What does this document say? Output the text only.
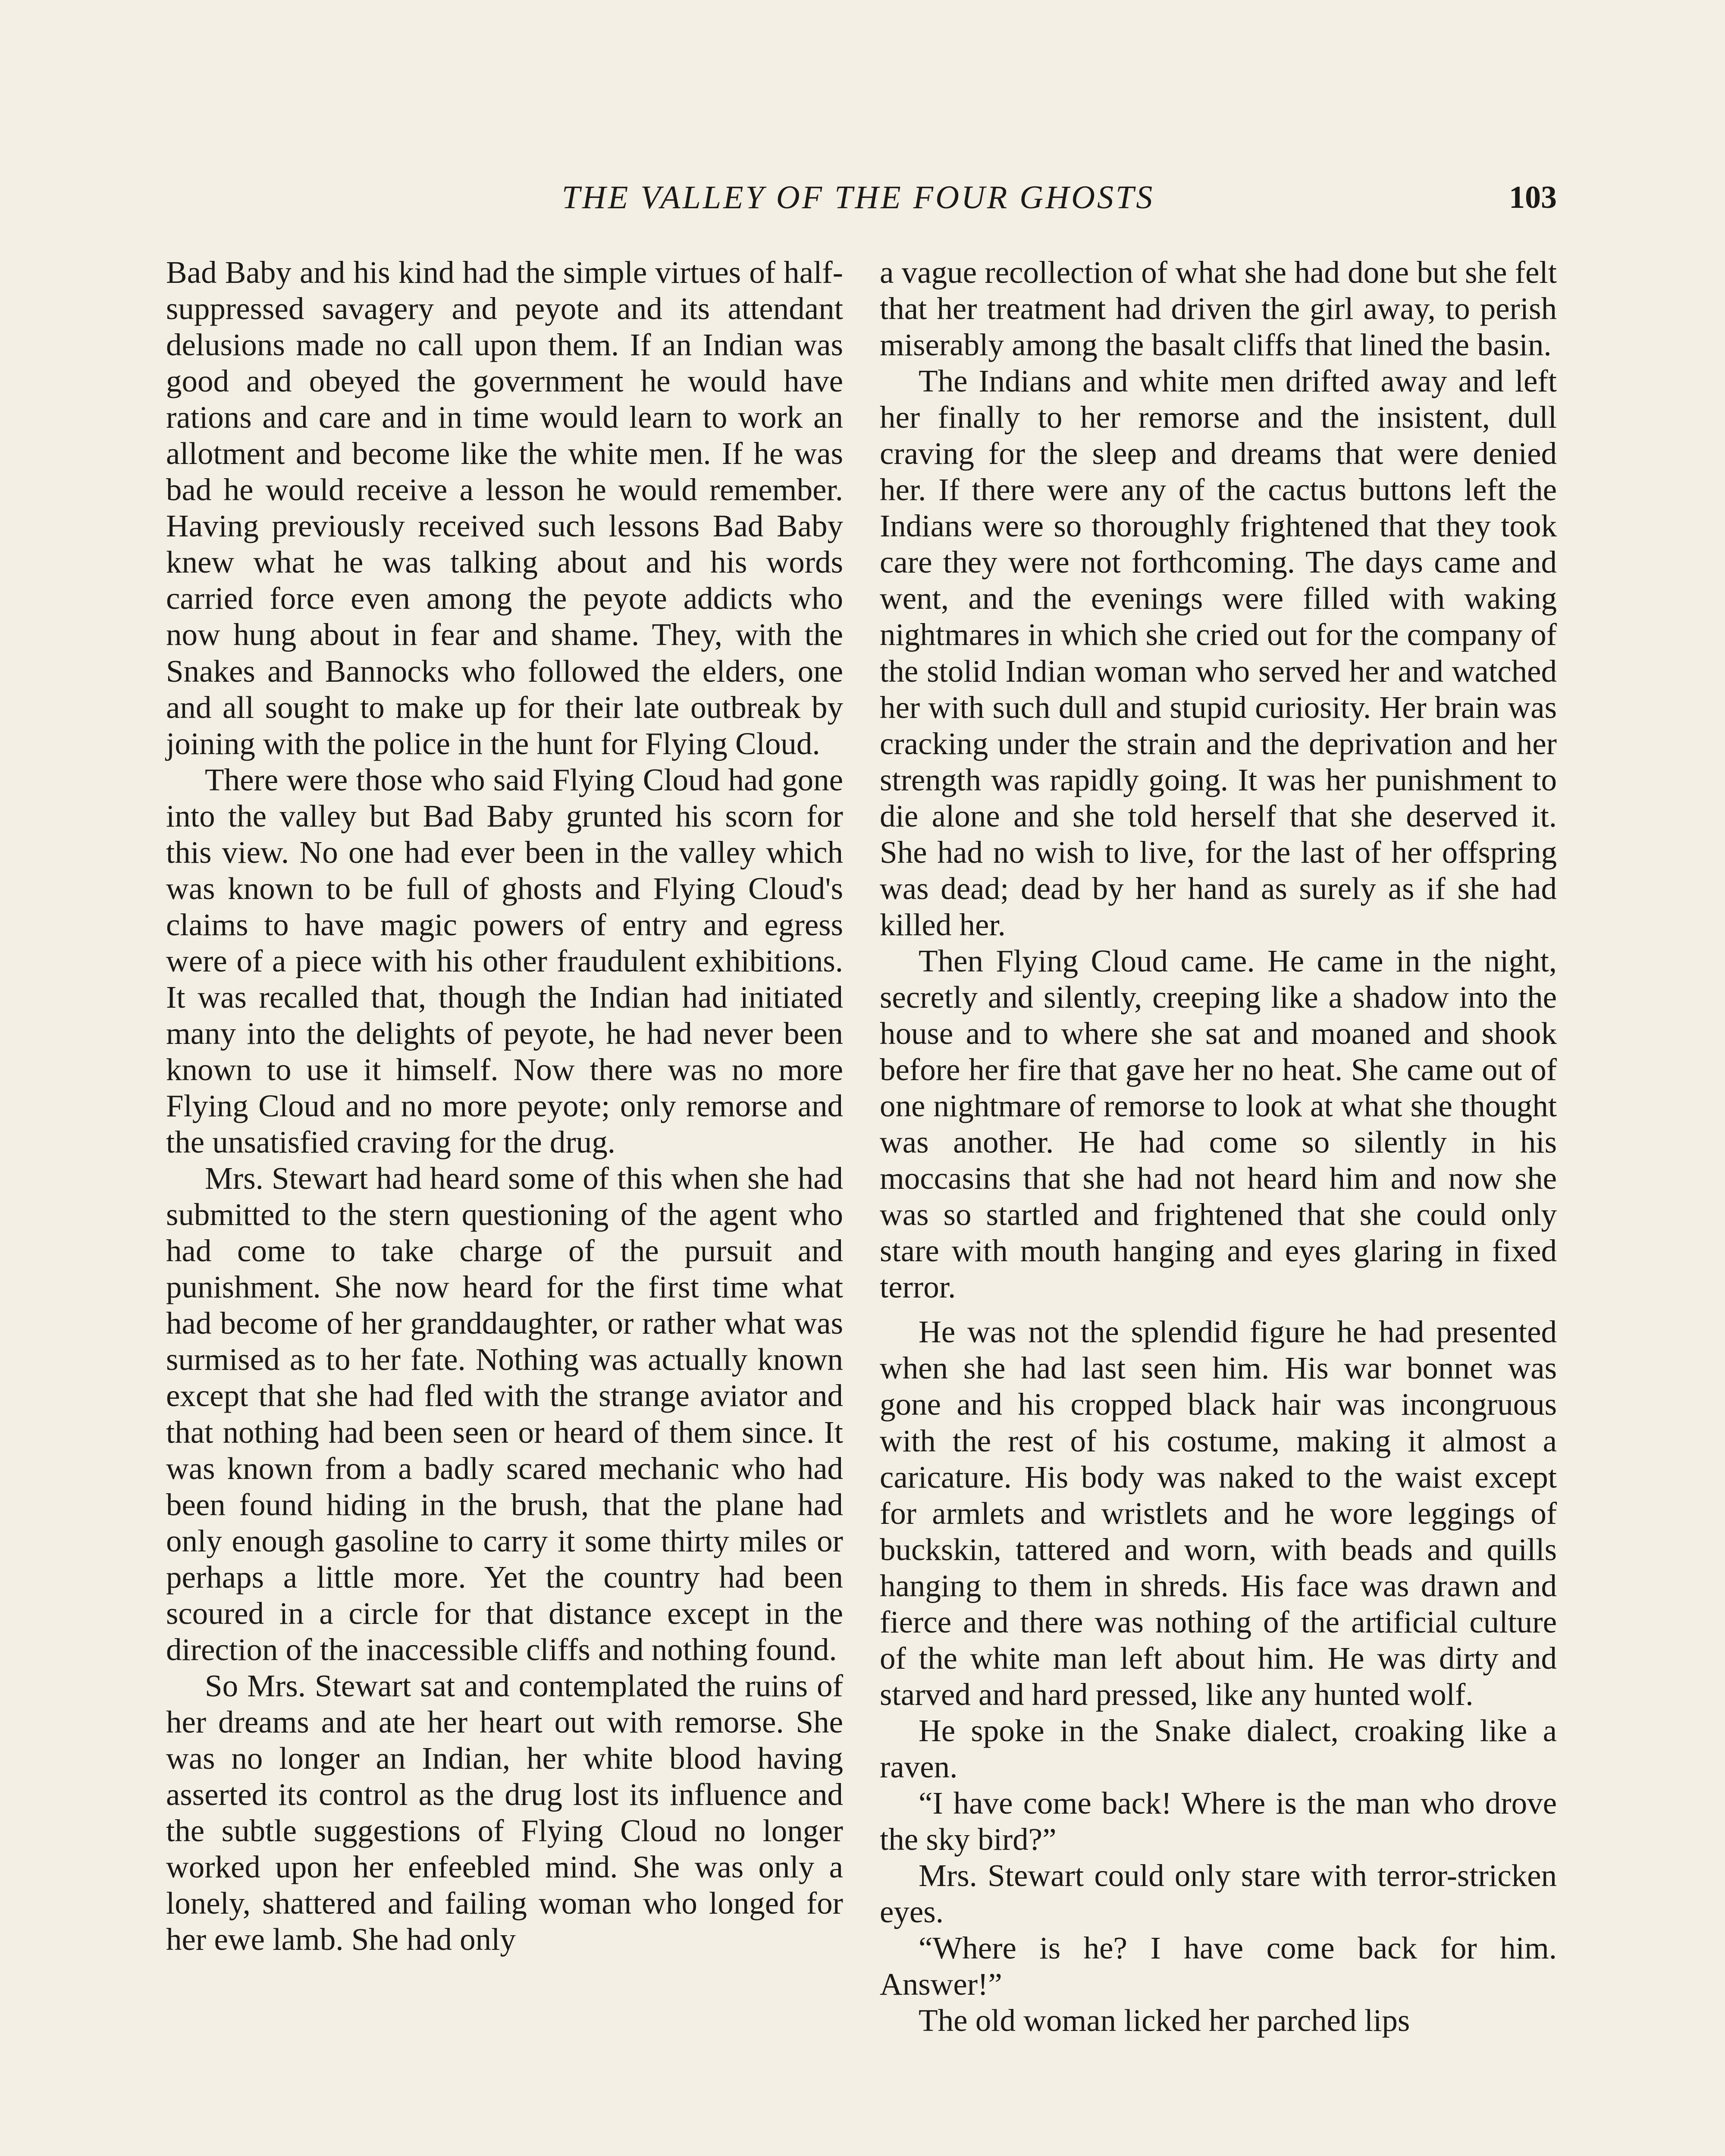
THE VALLEY OF THE FOUR GHOSTS	103

Bad Baby and his kind had the simple virtues of half-suppressed savagery and peyote and its attendant delusions made no call upon them. If an Indian was good and obeyed the government he would have rations and care and in time would learn to work an allotment and become like the white men. If he was bad he would receive a lesson he would remember. Having previously received such lessons Bad Baby knew what he was talking about and his words carried force even among the peyote addicts who now hung about in fear and shame. They, with the Snakes and Bannocks who followed the elders, one and all sought to make up for their late outbreak by joining with the police in the hunt for Flying Cloud.

There were those who said Flying Cloud had gone into the valley but Bad Baby grunted his scorn for this view. No one had ever been in the valley which was known to be full of ghosts and Flying Cloud's claims to have magic powers of entry and egress were of a piece with his other fraudulent exhibitions. It was recalled that, though the Indian had initiated many into the delights of peyote, he had never been known to use it himself. Now there was no more Flying Cloud and no more peyote; only remorse and the unsatisfied craving for the drug.

Mrs. Stewart had heard some of this when she had submitted to the stern questioning of the agent who had come to take charge of the pursuit and punishment. She now heard for the first time what had become of her granddaughter, or rather what was surmised as to her fate. Nothing was actually known except that she had fled with the strange aviator and that nothing had been seen or heard of them since. It was known from a badly scared mechanic who had been found hiding in the brush, that the plane had only enough gasoline to carry it some thirty miles or perhaps a little more. Yet the country had been scoured in a circle for that distance except in the direction of the inaccessible cliffs and nothing found.

So Mrs. Stewart sat and contemplated the ruins of her dreams and ate her heart out with remorse. She was no longer an Indian, her white blood having asserted its control as the drug lost its influence and the subtle suggestions of Flying Cloud no longer worked upon her enfeebled mind. She was only a lonely, shattered and failing woman who longed for her ewe lamb. She had only

a vague recollection of what she had done but she felt that her treatment had driven the girl away, to perish miserably among the basalt cliffs that lined the basin.

The Indians and white men drifted away and left her finally to her remorse and the insistent, dull craving for the sleep and dreams that were denied her. If there were any of the cactus buttons left the Indians were so thoroughly frightened that they took care they were not forthcoming. The days came and went, and the evenings were filled with waking nightmares in which she cried out for the company of the stolid Indian woman who served her and watched her with such dull and stupid curiosity. Her brain was cracking under the strain and the deprivation and her strength was rapidly going. It was her punishment to die alone and she told herself that she deserved it. She had no wish to live, for the last of her offspring was dead; dead by her hand as surely as if she had killed her.

Then Flying Cloud came. He came in the night, secretly and silently, creeping like a shadow into the house and to where she sat and moaned and shook before her fire that gave her no heat. She came out of one nightmare of remorse to look at what she thought was another. He had come so silently in his moccasins that she had not heard him and now she was so startled and frightened that she could only stare with mouth hanging and eyes glaring in fixed terror.

He was not the splendid figure he had presented when she had last seen him. His war bonnet was gone and his cropped black hair was incongruous with the rest of his costume, making it almost a caricature. His body was naked to the waist except for armlets and wristlets and he wore leggings of buckskin, tattered and worn, with beads and quills hanging to them in shreds. His face was drawn and fierce and there was nothing of the artificial culture of the white man left about him. He was dirty and starved and hard pressed, like any hunted wolf.

He spoke in the Snake dialect, croaking like a raven.

“I have come back! Where is the man who drove the sky bird?”

Mrs. Stewart could only stare with terror-stricken eyes.

“Where is he? I have come back for him. Answer!”

The old woman licked her parched lips
